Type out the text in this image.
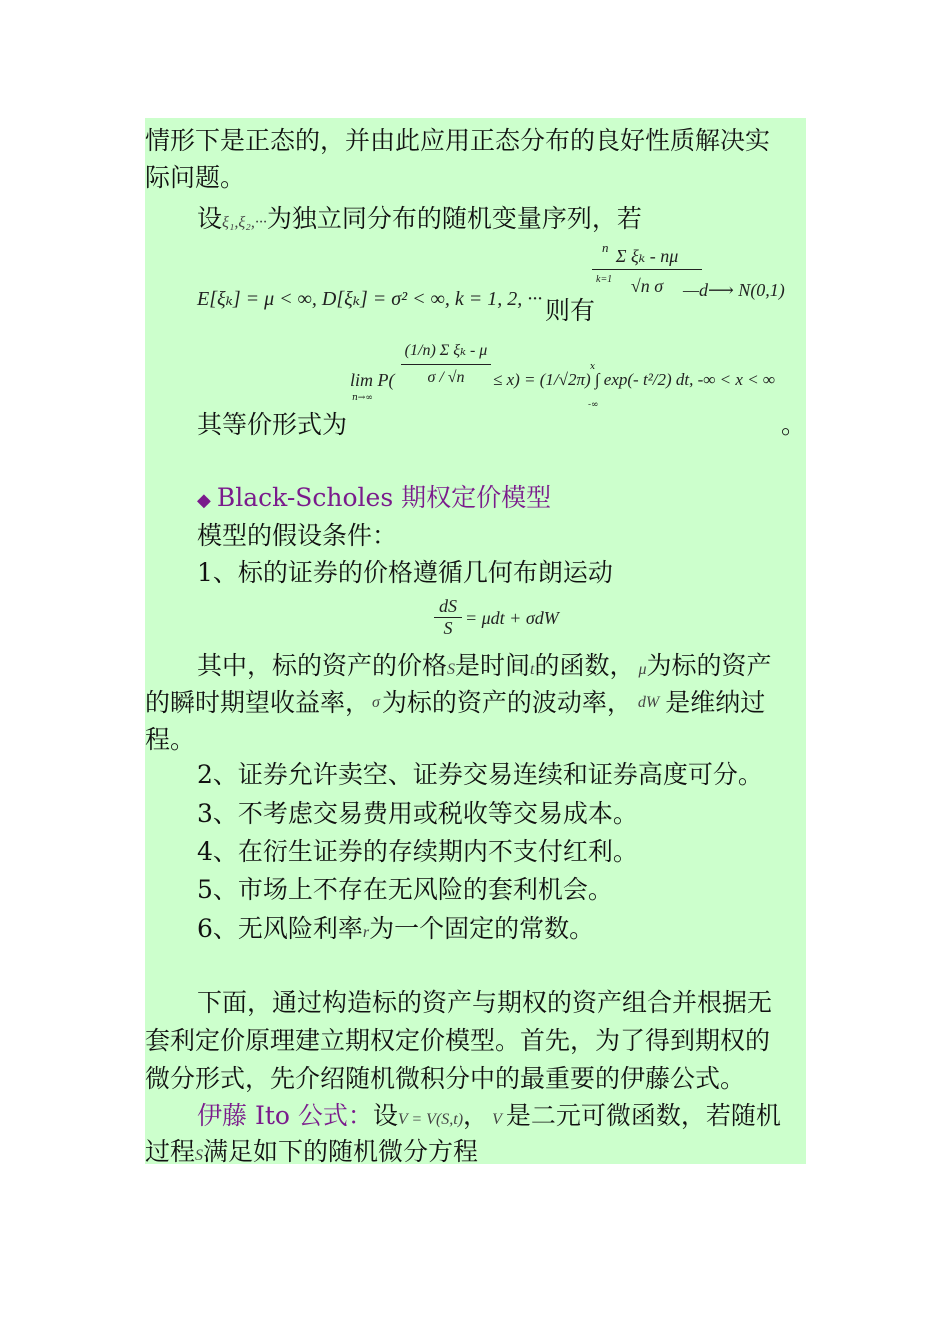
情形下是正态的，并由此应用正态分布的良好性质解决实
际问题。
设ξ₁,ξ₂,···为独立同分布的随机变量序列，若
E[ξₖ] = μ < ∞, D[ξₖ] = σ² < ∞, k = 1, 2, ··· 则有
n Σ ξₖ - nμ
k=1	√n σ	—d⟶ N(0,1)
lim P(
n→∞
(1/n) Σ ξₖ - μ
σ / √n
x
-∞
≤ x) = (1/√2π) ∫ exp(- t²/2) dt, -∞ < x < ∞
其等价形式为	。
◆ Black-Scholes 期权定价模型
模型的假设条件：
1、标的证券的价格遵循几何布朗运动
dS
S = μdt + σdW
其中，标的资产的价格S是时间t的函数， μ为标的资产
的瞬时期望收益率， σ 为标的资产的波动率， dW 是维纳过
程。
2、证券允许卖空、证券交易连续和证券高度可分。
3、不考虑交易费用或税收等交易成本。
4、在衍生证券的存续期内不支付红利。
5、市场上不存在无风险的套利机会。
6、无风险利率r为一个固定的常数。
下面，通过构造标的资产与期权的资产组合并根据无
套利定价原理建立期权定价模型。首先，为了得到期权的
微分形式，先介绍随机微积分中的最重要的伊藤公式。
伊藤 Ito 公式：设V = V(S,t)， V 是二元可微函数，若随机
过程S满足如下的随机微分方程
